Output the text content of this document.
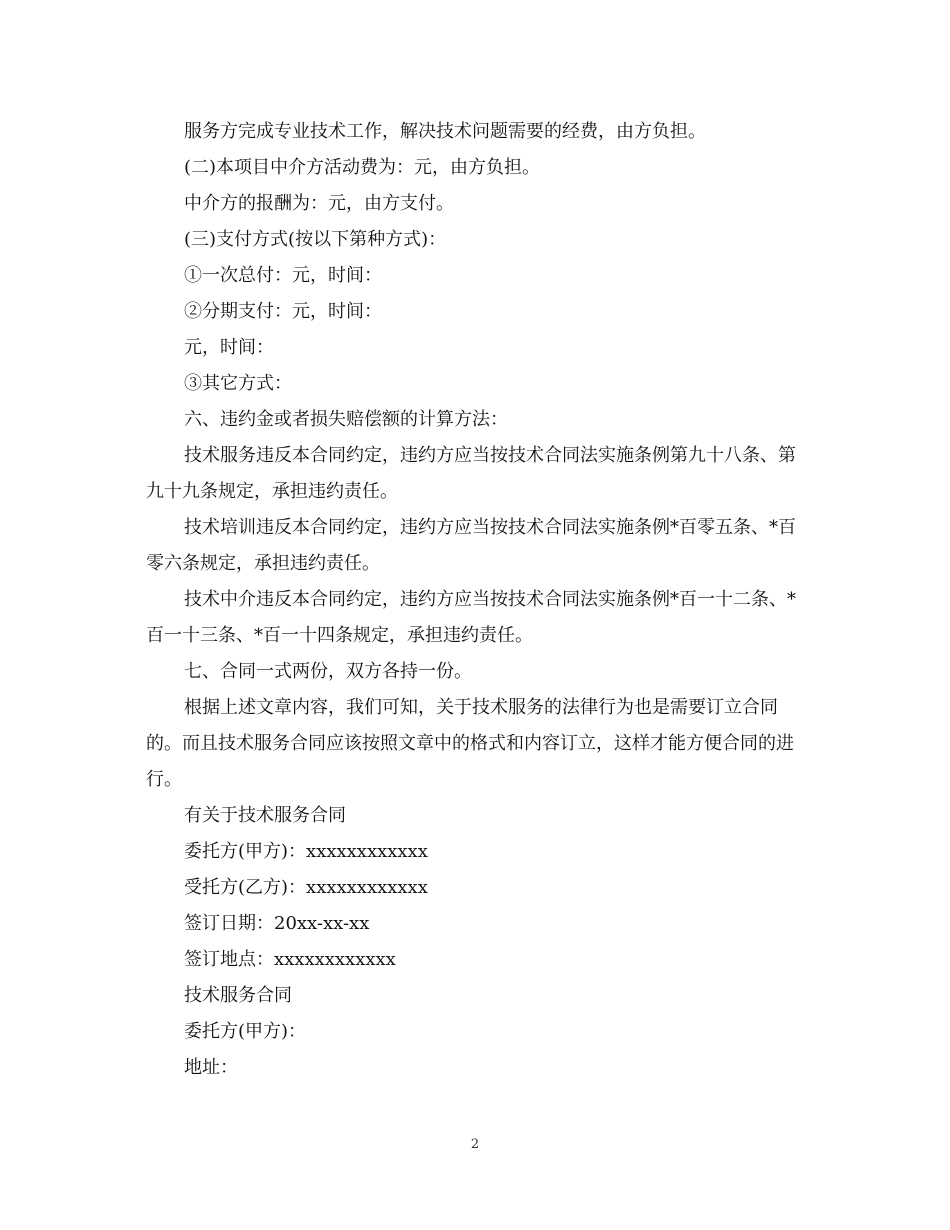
服务方完成专业技术工作，解决技术问题需要的经费，由方负担。

(二)本项目中介方活动费为：元，由方负担。

中介方的报酬为：元，由方支付。

(三)支付方式(按以下第种方式)：

①一次总付：元，时间：

②分期支付：元，时间：

元，时间：

③其它方式：

六、违约金或者损失赔偿额的计算方法：

技术服务违反本合同约定，违约方应当按技术合同法实施条例第九十八条、第九十九条规定，承担违约责任。

技术培训违反本合同约定，违约方应当按技术合同法实施条例*百零五条、*百零六条规定，承担违约责任。

技术中介违反本合同约定，违约方应当按技术合同法实施条例*百一十二条、*百一十三条、*百一十四条规定，承担违约责任。

七、合同一式两份，双方各持一份。

根据上述文章内容，我们可知，关于技术服务的法律行为也是需要订立合同的。而且技术服务合同应该按照文章中的格式和内容订立，这样才能方便合同的进行。

有关于技术服务合同

委托方(甲方)：xxxxxxxxxxxx

受托方(乙方)：xxxxxxxxxxxx

签订日期：20xx-xx-xx

签订地点：xxxxxxxxxxxx

技术服务合同

委托方(甲方)：

地址：

2
